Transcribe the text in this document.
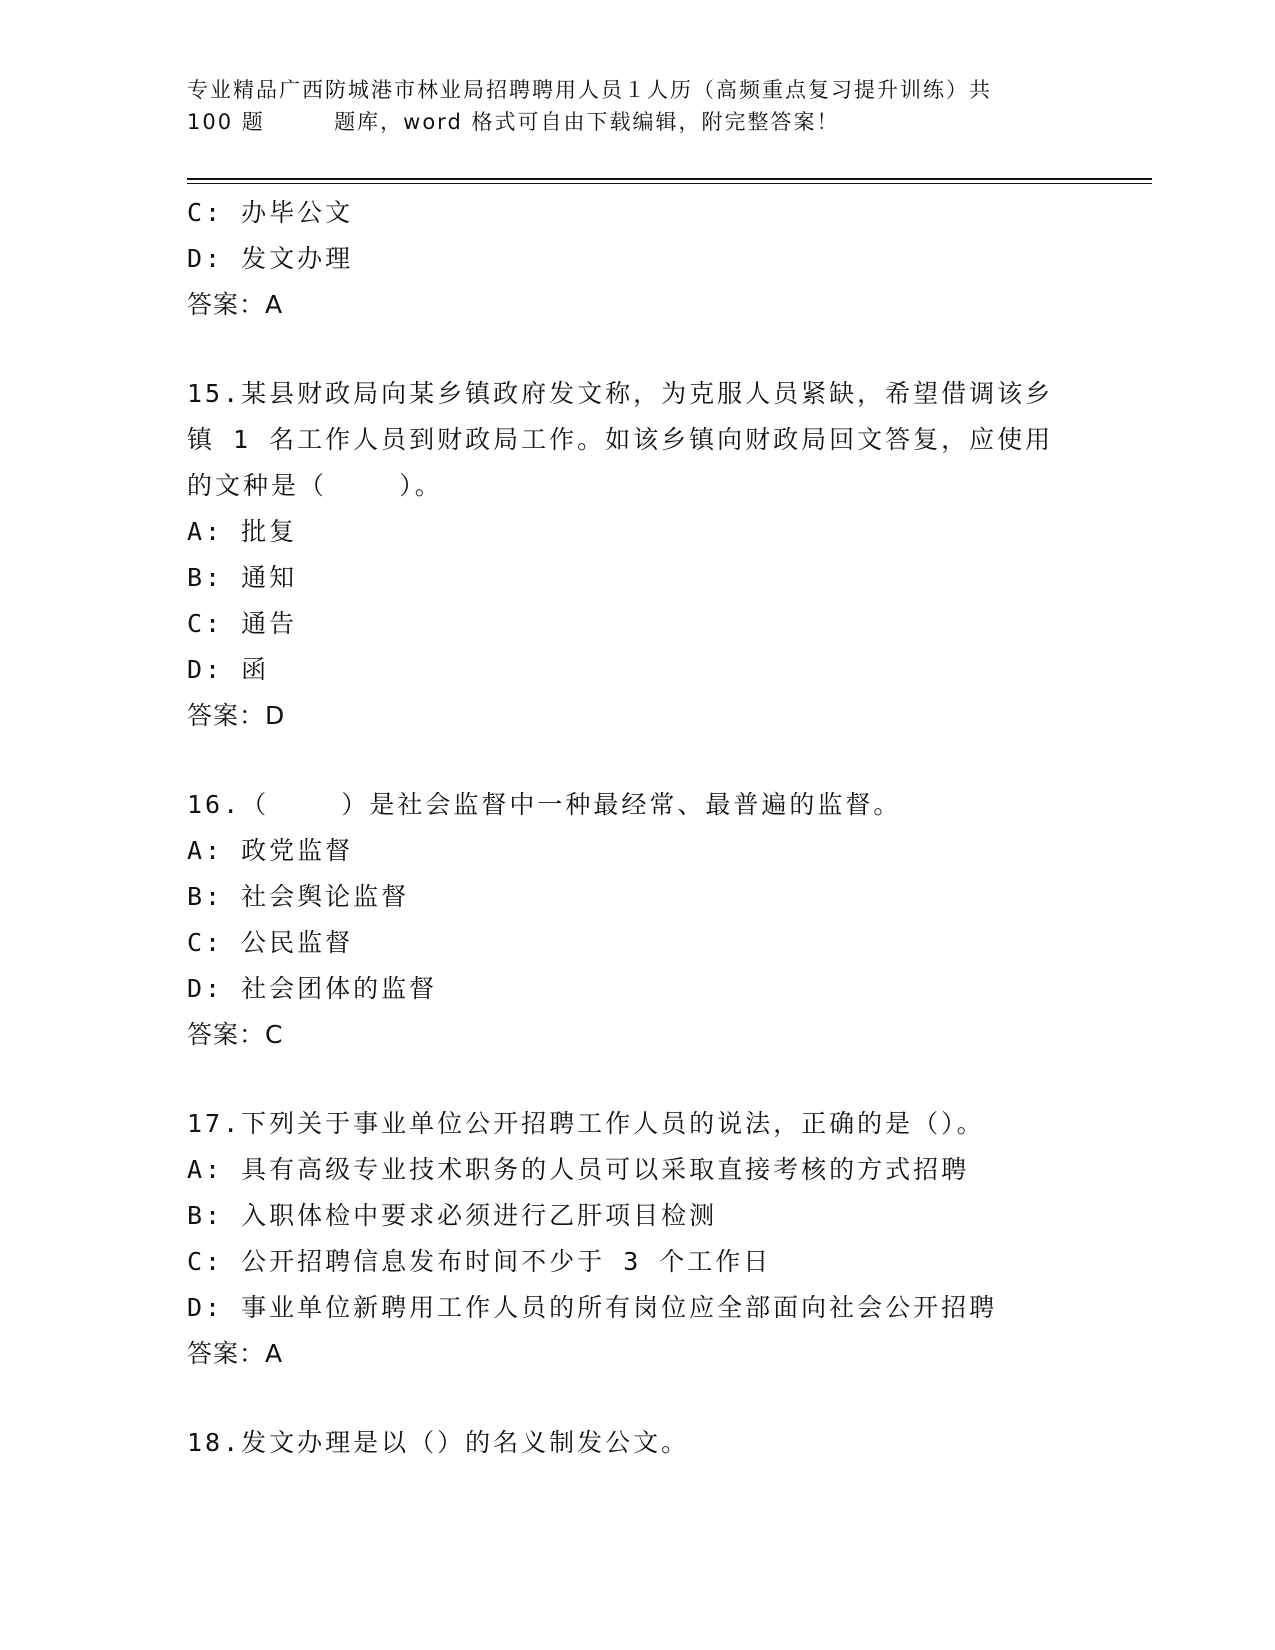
专业精品广西防城港市林业局招聘聘用人员１人历（高频重点复习提升训练）共
100 题        题库，word 格式可自由下载编辑，附完整答案！
C: 办毕公文
D: 发文办理
答案：A
15.某县财政局向某乡镇政府发文称，为克服人员紧缺，希望借调该乡
镇 1 名工作人员到财政局工作。如该乡镇向财政局回文答复，应使用
的文种是（    ）。
A: 批复
B: 通知
C: 通告
D: 函
答案：D
16.（    ）是社会监督中一种最经常、最普遍的监督。
A: 政党监督
B: 社会舆论监督
C: 公民监督
D: 社会团体的监督
答案：C
17.下列关于事业单位公开招聘工作人员的说法，正确的是（）。
A: 具有高级专业技术职务的人员可以采取直接考核的方式招聘
B: 入职体检中要求必须进行乙肝项目检测
C: 公开招聘信息发布时间不少于 3 个工作日
D: 事业单位新聘用工作人员的所有岗位应全部面向社会公开招聘
答案：A
18.发文办理是以（）的名义制发公文。
